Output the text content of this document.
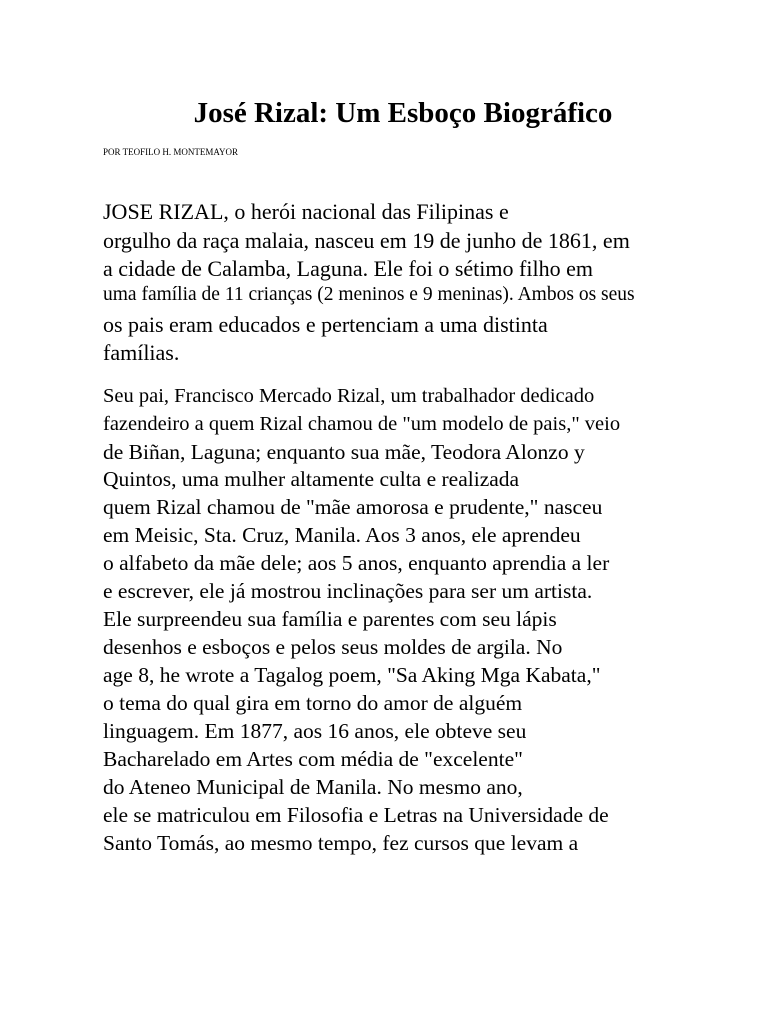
José Rizal: Um Esboço Biográfico

POR TEOFILO H. MONTEMAYOR

JOSE RIZAL, o herói nacional das Filipinas e

orgulho da raça malaia, nasceu em 19 de junho de 1861, em

a cidade de Calamba, Laguna. Ele foi o sétimo filho em

uma família de 11 crianças (2 meninos e 9 meninas). Ambos os seus

os pais eram educados e pertenciam a uma distinta

famílias.

Seu pai, Francisco Mercado Rizal, um trabalhador dedicado

fazendeiro a quem Rizal chamou de "um modelo de pais," veio

de Biñan, Laguna; enquanto sua mãe, Teodora Alonzo y

Quintos, uma mulher altamente culta e realizada

quem Rizal chamou de "mãe amorosa e prudente," nasceu

em Meisic, Sta. Cruz, Manila. Aos 3 anos, ele aprendeu

o alfabeto da mãe dele; aos 5 anos, enquanto aprendia a ler

e escrever, ele já mostrou inclinações para ser um artista.

Ele surpreendeu sua família e parentes com seu lápis

desenhos e esboços e pelos seus moldes de argila. No

age 8, he wrote a Tagalog poem, "Sa Aking Mga Kabata,"

o tema do qual gira em torno do amor de alguém

linguagem. Em 1877, aos 16 anos, ele obteve seu

Bacharelado em Artes com média de "excelente"

do Ateneo Municipal de Manila. No mesmo ano,

ele se matriculou em Filosofia e Letras na Universidade de

Santo Tomás, ao mesmo tempo, fez cursos que levam a
